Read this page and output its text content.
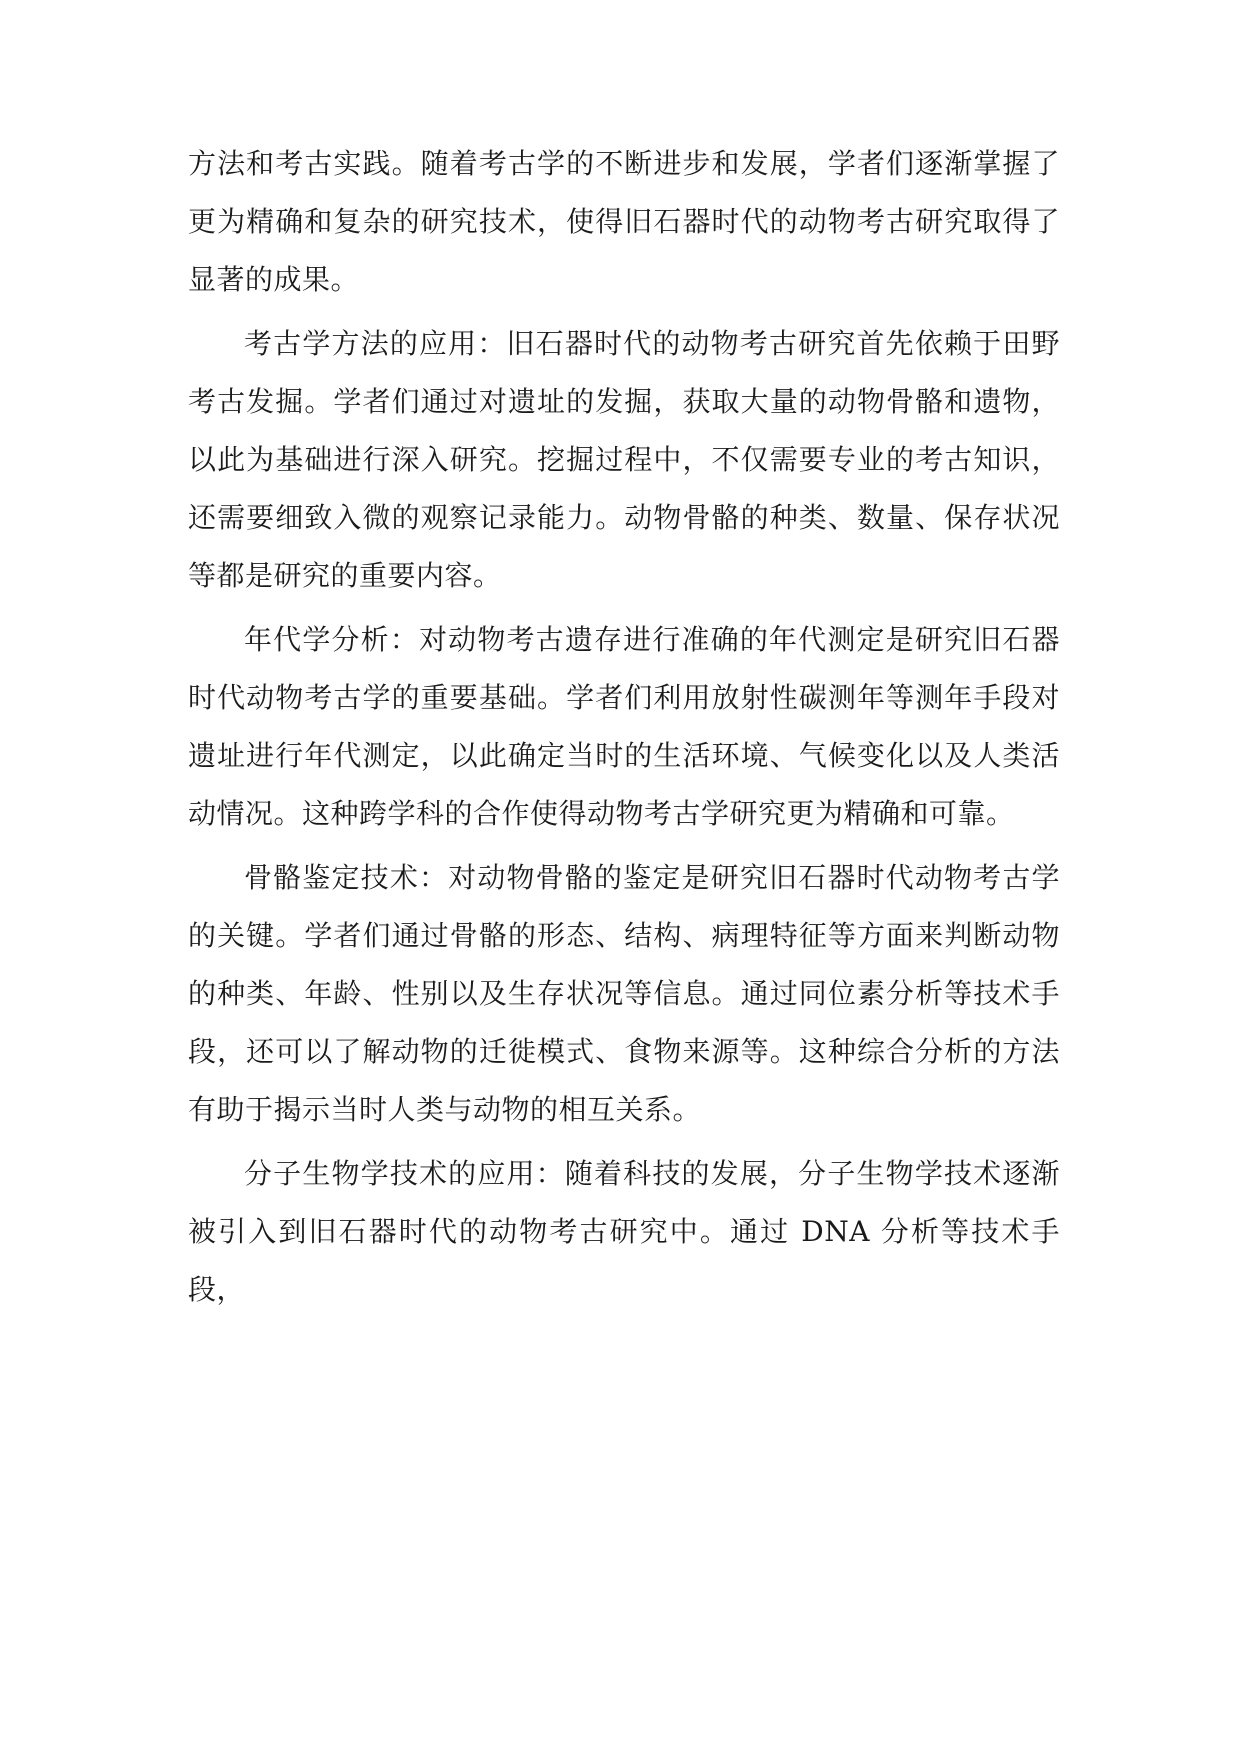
方法和考古实践。随着考古学的不断进步和发展，学者们逐渐掌握了更为精确和复杂的研究技术，使得旧石器时代的动物考古研究取得了显著的成果。

考古学方法的应用：旧石器时代的动物考古研究首先依赖于田野考古发掘。学者们通过对遗址的发掘，获取大量的动物骨骼和遗物，以此为基础进行深入研究。挖掘过程中，不仅需要专业的考古知识，还需要细致入微的观察记录能力。动物骨骼的种类、数量、保存状况等都是研究的重要内容。

年代学分析：对动物考古遗存进行准确的年代测定是研究旧石器时代动物考古学的重要基础。学者们利用放射性碳测年等测年手段对遗址进行年代测定，以此确定当时的生活环境、气候变化以及人类活动情况。这种跨学科的合作使得动物考古学研究更为精确和可靠。

骨骼鉴定技术：对动物骨骼的鉴定是研究旧石器时代动物考古学的关键。学者们通过骨骼的形态、结构、病理特征等方面来判断动物的种类、年龄、性别以及生存状况等信息。通过同位素分析等技术手段，还可以了解动物的迁徙模式、食物来源等。这种综合分析的方法有助于揭示当时人类与动物的相互关系。

分子生物学技术的应用：随着科技的发展，分子生物学技术逐渐被引入到旧石器时代的动物考古研究中。通过 DNA 分析等技术手段，
